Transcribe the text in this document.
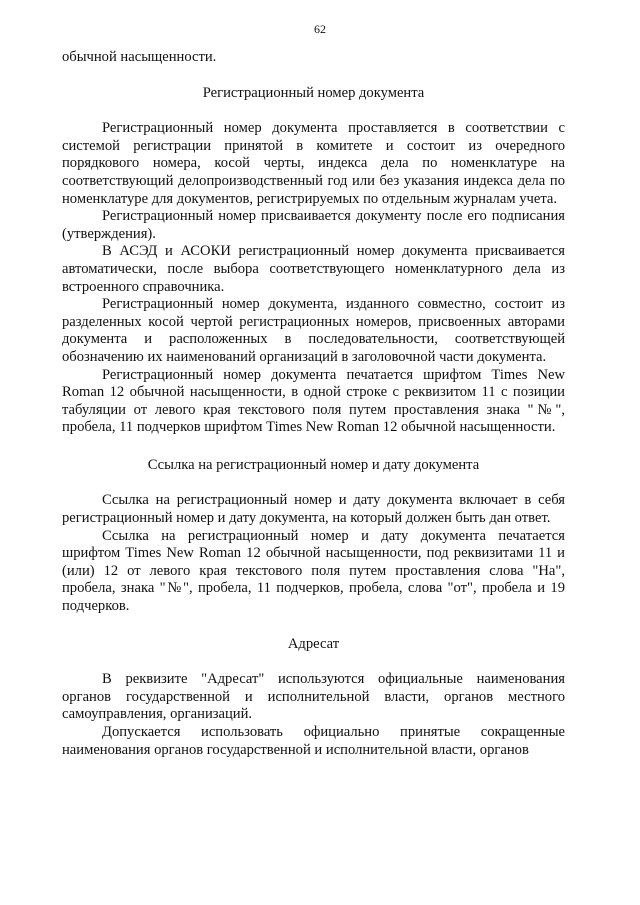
62

обычной насыщенности.

Регистрационный номер документа

Регистрационный номер документа проставляется в соответствии с системой регистрации принятой в комитете и состоит из очередного порядкового номера, косой черты, индекса дела по номенклатуре на соответствующий делопроизводственный год или без указания индекса дела по номенклатуре для документов, регистрируемых по отдельным журналам учета.

Регистрационный номер присваивается документу после его подписания (утверждения).

В АСЭД и АСОКИ регистрационный номер документа присваивается автоматически, после выбора соответствующего номенклатурного дела из встроенного справочника.

Регистрационный номер документа, изданного совместно, состоит из разделенных косой чертой регистрационных номеров, присвоенных авторами документа и расположенных в последовательности, соответствующей обозначению их наименований организаций в заголовочной части документа.

Регистрационный номер документа печатается шрифтом Times New Roman 12 обычной насыщенности, в одной строке с реквизитом 11 с позиции табуляции от левого края текстового поля путем проставления знака "№", пробела, 11 подчерков шрифтом Times New Roman 12 обычной насыщенности.

Ссылка на регистрационный номер и дату документа

Ссылка на регистрационный номер и дату документа включает в себя регистрационный номер и дату документа, на который должен быть дан ответ.

Ссылка на регистрационный номер и дату документа печатается шрифтом Times New Roman 12 обычной насыщенности, под реквизитами 11 и (или) 12 от левого края текстового поля путем проставления слова "На", пробела, знака "№", пробела, 11 подчерков, пробела, слова "от", пробела и 19 подчерков.

Адресат

В реквизите "Адресат" используются официальные наименования органов государственной и исполнительной власти, органов местного самоуправления, организаций.

Допускается использовать официально принятые сокращенные наименования органов государственной и исполнительной власти, органов
